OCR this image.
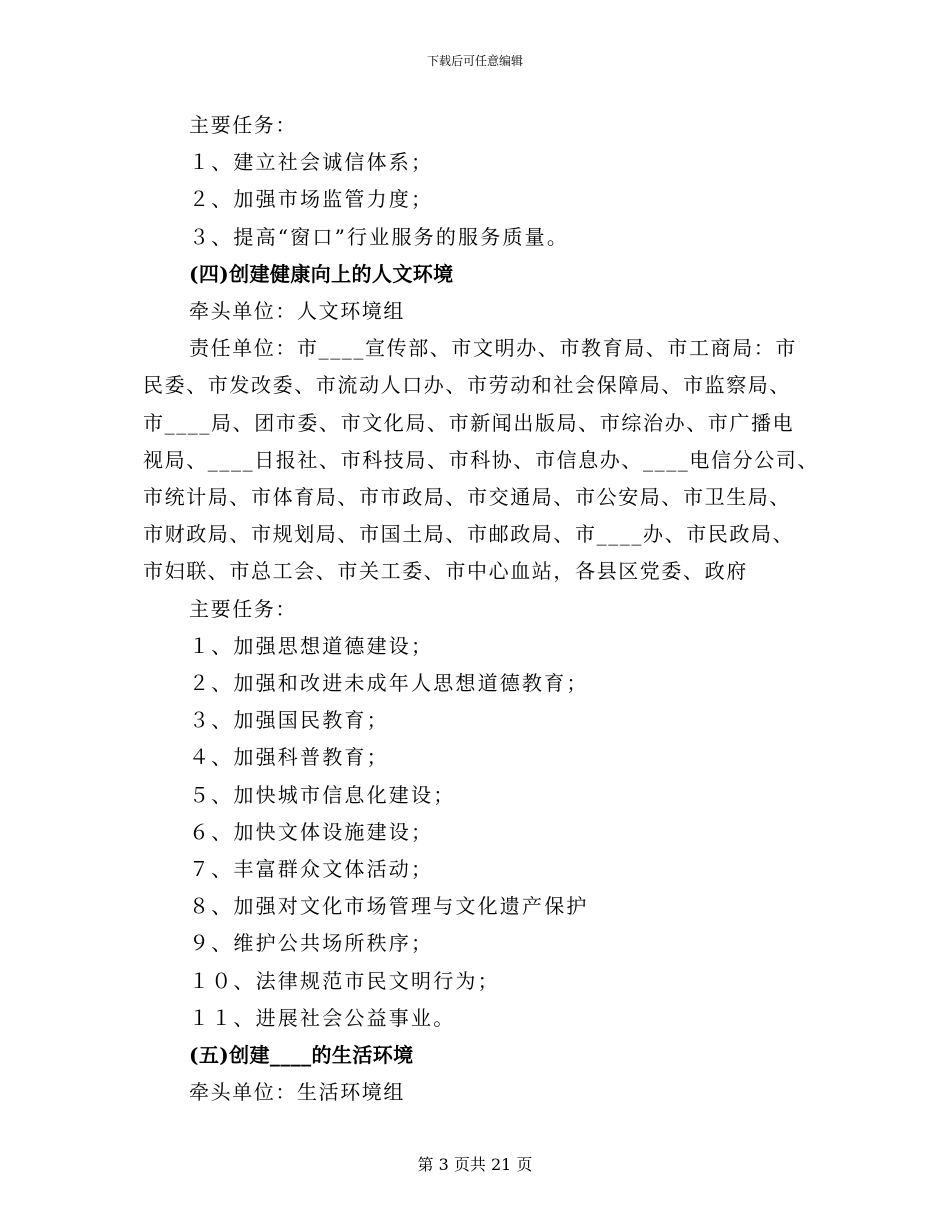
下载后可任意编辑
主要任务：
１、建立社会诚信体系；
２、加强市场监管力度；
３、提高“窗口”行业服务的服务质量。
(四)创建健康向上的人文环境
牵头单位：人文环境组
责任单位：市____宣传部、市文明办、市教育局、市工商局：市
民委、市发改委、市流动人口办、市劳动和社会保障局、市监察局、
市____局、团市委、市文化局、市新闻出版局、市综治办、市广播电
视局、____日报社、市科技局、市科协、市信息办、____电信分公司、
市统计局、市体育局、市市政局、市交通局、市公安局、市卫生局、
市财政局、市规划局、市国土局、市邮政局、市____办、市民政局、
市妇联、市总工会、市关工委、市中心血站，各县区党委、政府
主要任务：
１、加强思想道德建设；
２、加强和改进未成年人思想道德教育；
３、加强国民教育；
４、加强科普教育；
５、加快城市信息化建设；
６、加快文体设施建设；
７、丰富群众文体活动；
８、加强对文化市场管理与文化遗产保护
９、维护公共场所秩序；
１０、法律规范市民文明行为；
１１、进展社会公益事业。
(五)创建____的生活环境
牵头单位：生活环境组
第 3 页共 21 页
